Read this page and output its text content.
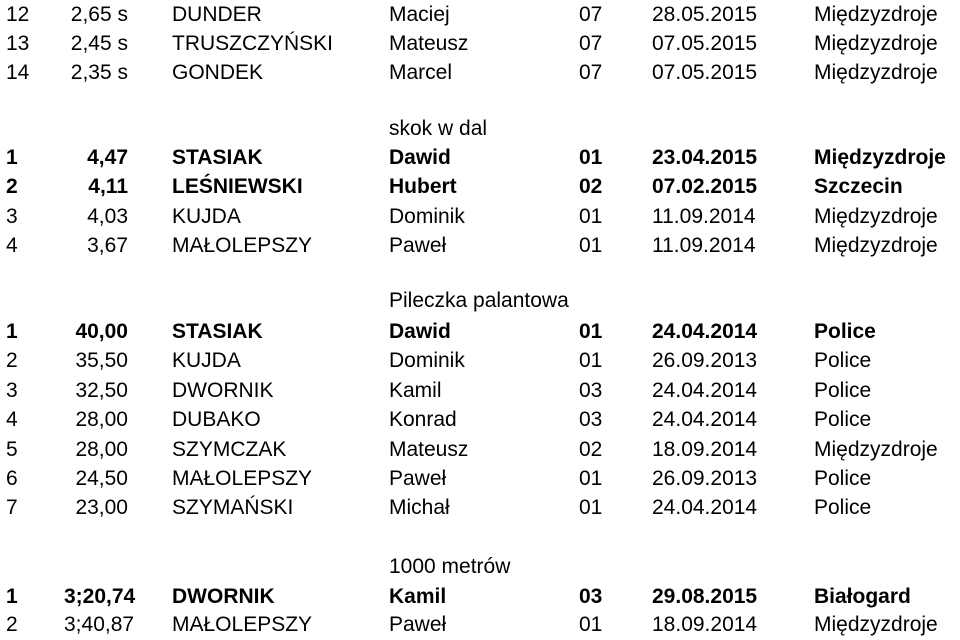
12	2,65 s DUNDER	Maciej	07 28.05.2015	Międzyzdroje
13	2,45 s TRUSZCZYŃSKI	Mateusz	07 07.05.2015	Międzyzdroje
14	2,35 s GONDEK	Marcel	07 07.05.2015	Międzyzdroje
skok w dal
1	4,47 STASIAK	Dawid	01 23.04.2015	Międzyzdroje
2	4,11 LEŚNIEWSKI	Hubert	02 07.02.2015	Szczecin
3	4,03 KUJDA	Dominik	01 11.09.2014	Międzyzdroje
4	3,67 MAŁOLEPSZY	Paweł	01 11.09.2014	Międzyzdroje
Pileczka palantowa
1	40,00 STASIAK	Dawid	01 24.04.2014	Police
2	35,50 KUJDA	Dominik	01 26.09.2013	Police
3	32,50 DWORNIK	Kamil	03 24.04.2014	Police
4	28,00 DUBAKO	Konrad	03 24.04.2014	Police
5	28,00 SZYMCZAK	Mateusz	02 18.09.2014	Międzyzdroje
6	24,50 MAŁOLEPSZY	Paweł	01 26.09.2013	Police
7	23,00 SZYMAŃSKI	Michał	01 24.04.2014	Police
1000 metrów
1 3;20,74 DWORNIK	Kamil	03 29.08.2015	Białogard
2 3;40,87 MAŁOLEPSZY	Paweł	01 18.09.2014	Międzyzdroje
